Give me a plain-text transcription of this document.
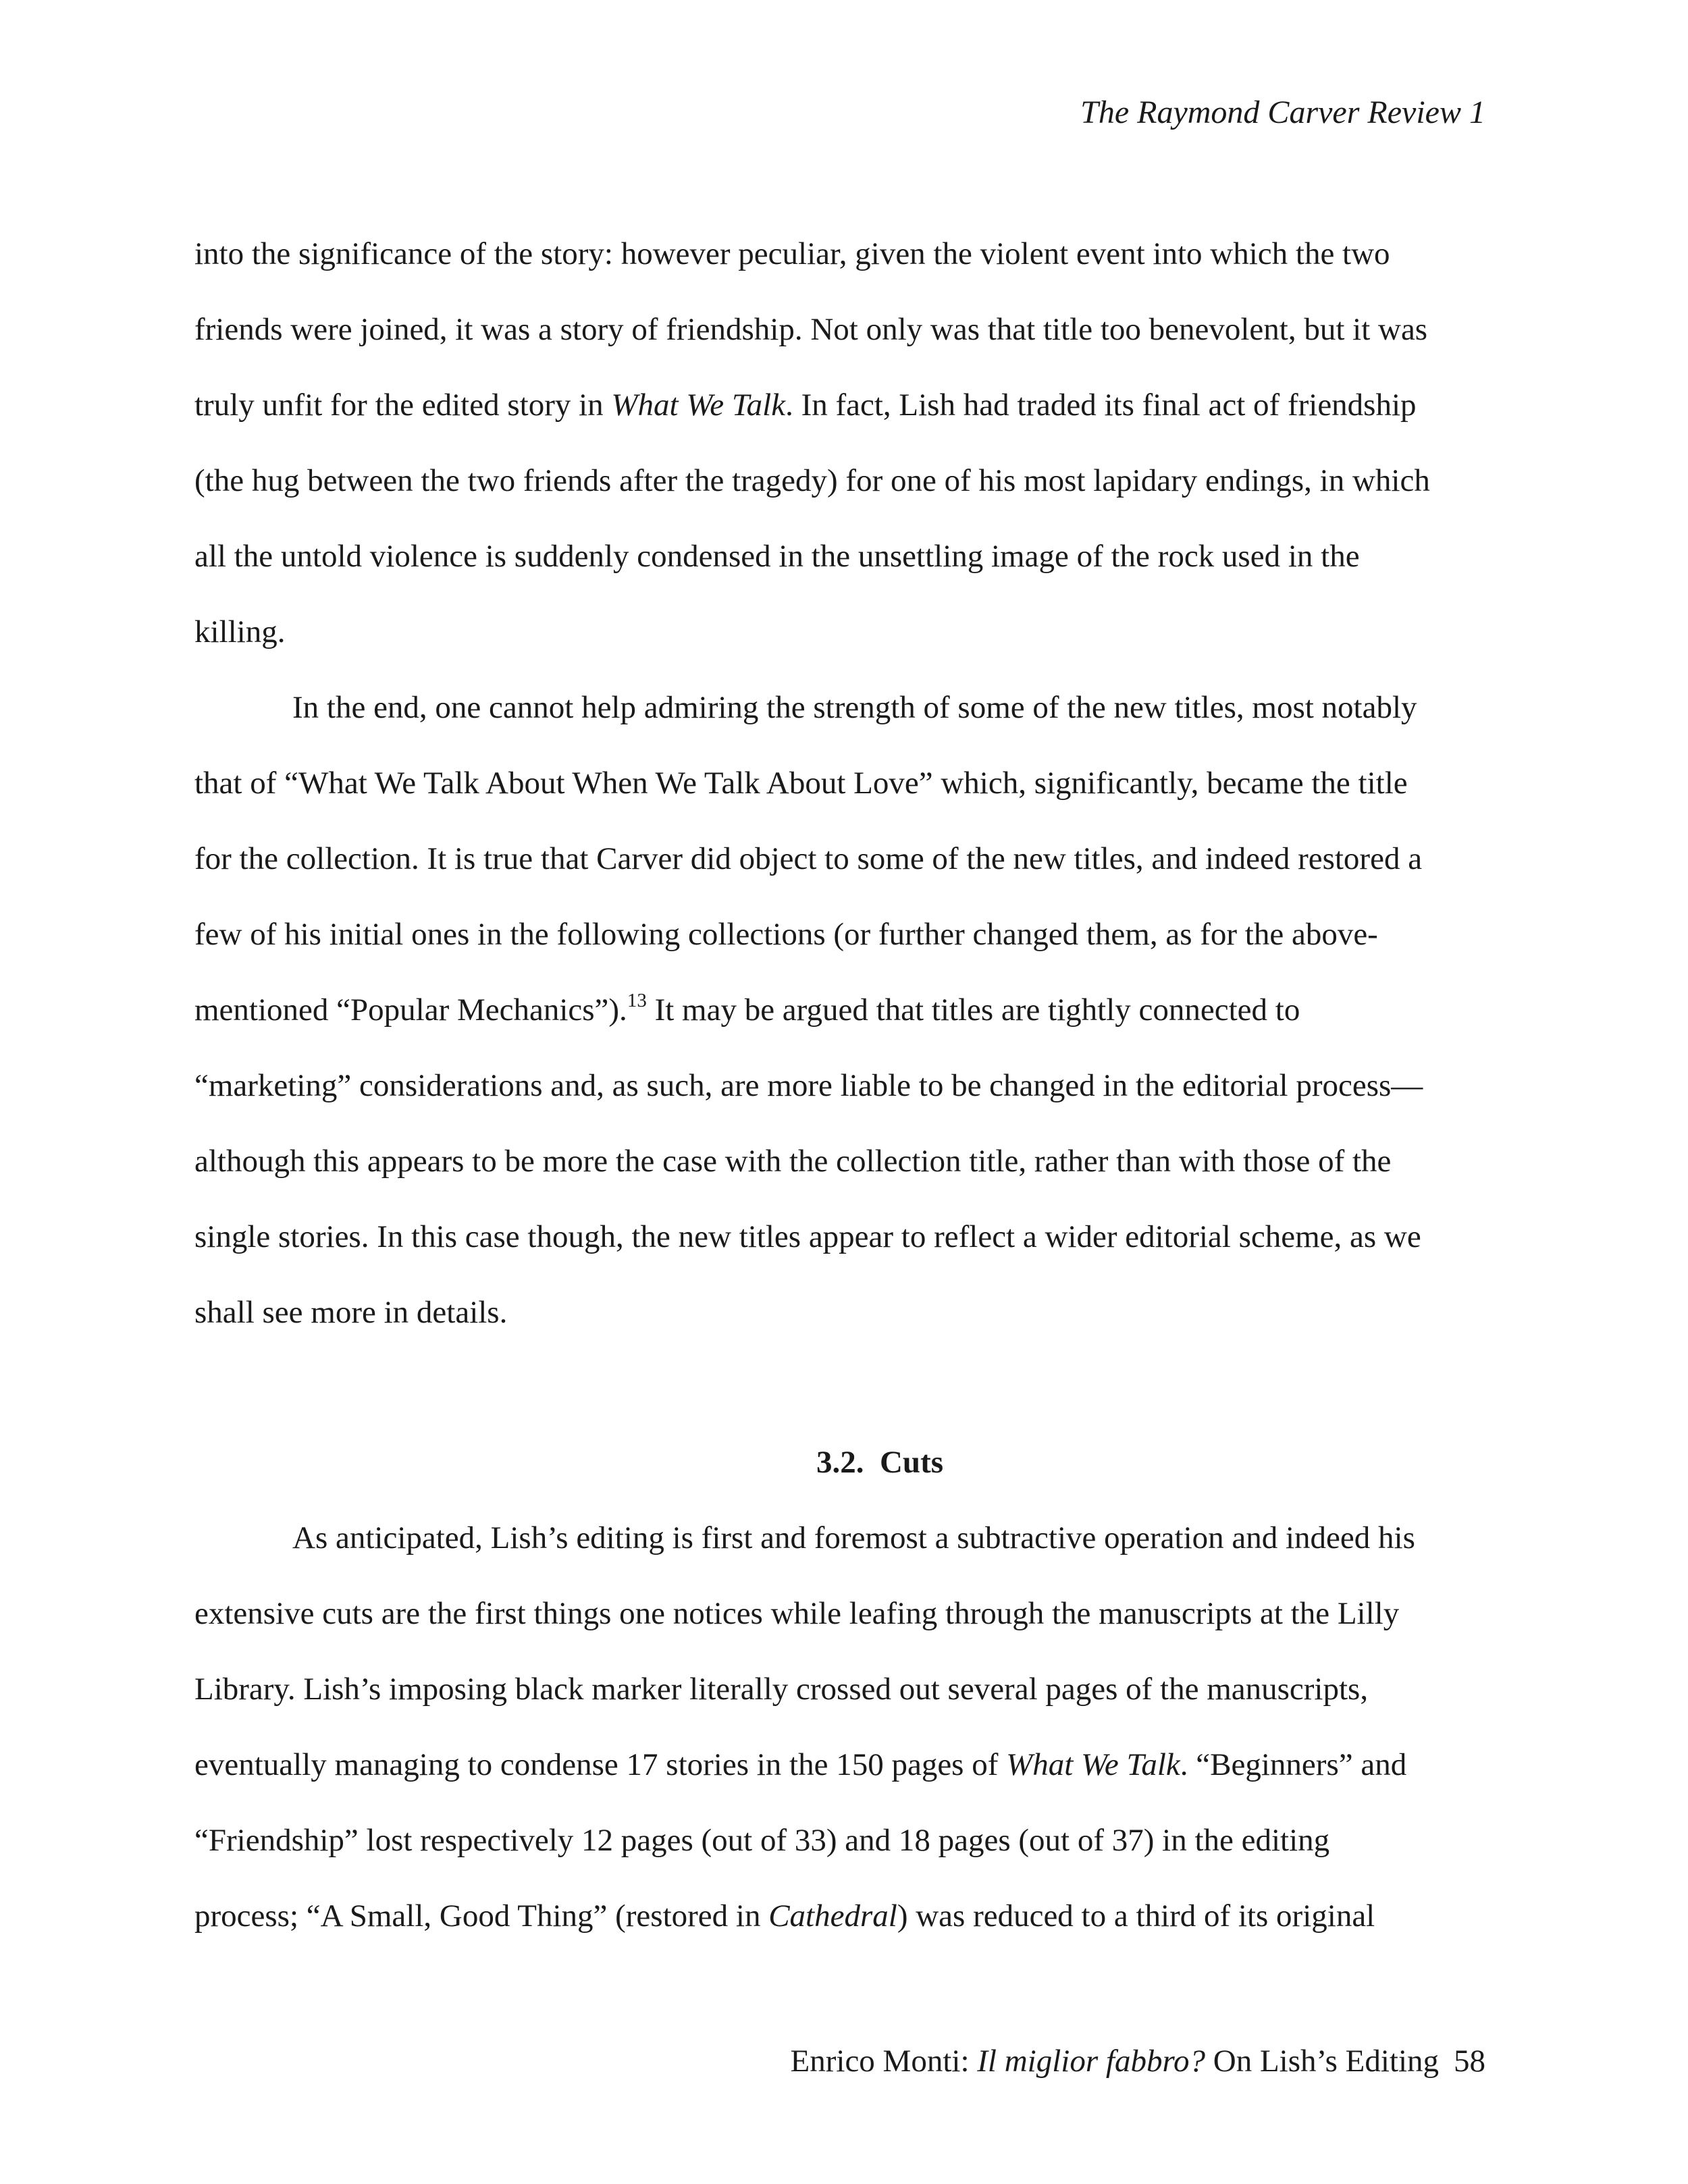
The Raymond Carver Review 1
into the significance of the story: however peculiar, given the violent event into which the two
friends were joined, it was a story of friendship. Not only was that title too benevolent, but it was
truly unfit for the edited story in What We Talk. In fact, Lish had traded its final act of friendship
(the hug between the two friends after the tragedy) for one of his most lapidary endings, in which
all the untold violence is suddenly condensed in the unsettling image of the rock used in the
killing.
In the end, one cannot help admiring the strength of some of the new titles, most notably
that of “What We Talk About When We Talk About Love” which, significantly, became the title
for the collection. It is true that Carver did object to some of the new titles, and indeed restored a
few of his initial ones in the following collections (or further changed them, as for the above-
mentioned “Popular Mechanics”).$^{13}$ It may be argued that titles are tightly connected to
“marketing” considerations and, as such, are more liable to be changed in the editorial process—
although this appears to be more the case with the collection title, rather than with those of the
single stories. In this case though, the new titles appear to reflect a wider editorial scheme, as we
shall see more in details.
3.2. Cuts
As anticipated, Lish’s editing is first and foremost a subtractive operation and indeed his
extensive cuts are the first things one notices while leafing through the manuscripts at the Lilly
Library. Lish’s imposing black marker literally crossed out several pages of the manuscripts,
eventually managing to condense 17 stories in the 150 pages of What We Talk. “Beginners” and
“Friendship” lost respectively 12 pages (out of 33) and 18 pages (out of 37) in the editing
process; “A Small, Good Thing” (restored in Cathedral) was reduced to a third of its original
Enrico Monti: Il miglior fabbro? On Lish’s Editing 58
